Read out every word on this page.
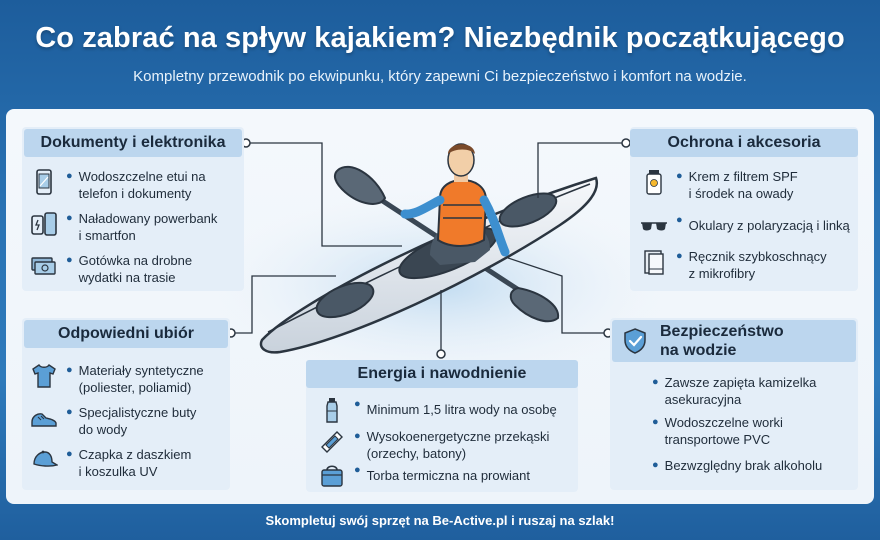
Co zabrać na spływ kajakiem? Niezbędnik początkującego
Kompletny przewodnik po ekwipunku, który zapewni Ci bezpieczeństwo i komfort na wodzie.
Dokumenty i elektronika
● Wodoszczelne etui na
telefon i dokumenty
● Naładowany powerbank
i smartfon
● Gotówka na drobne
wydatki na trasie
Odpowiedni ubiór
● Materiały syntetyczne
(poliester, poliamid)
● Specjalistyczne buty
do wody
● Czapka z daszkiem
i koszulka UV
Energia i nawodnienie
● Minimum 1,5 litra wody na osobę
● Wysokoenergetyczne przekąski
(orzechy, batony)
● Torba termiczna na prowiant
Ochrona i akcesoria
● Krem z filtrem SPF
i środek na owady
● Okulary z polaryzacją i linką
● Ręcznik szybkoschnący
z mikrofibry
Bezpieczeństwo
na wodzie
● Zawsze zapięta kamizelka
asekuracyjna
● Wodoszczelne worki
transportowe PVC
● Bezwzględny brak alkoholu
Skompletuj swój sprzęt na Be-Active.pl i ruszaj na szlak!
